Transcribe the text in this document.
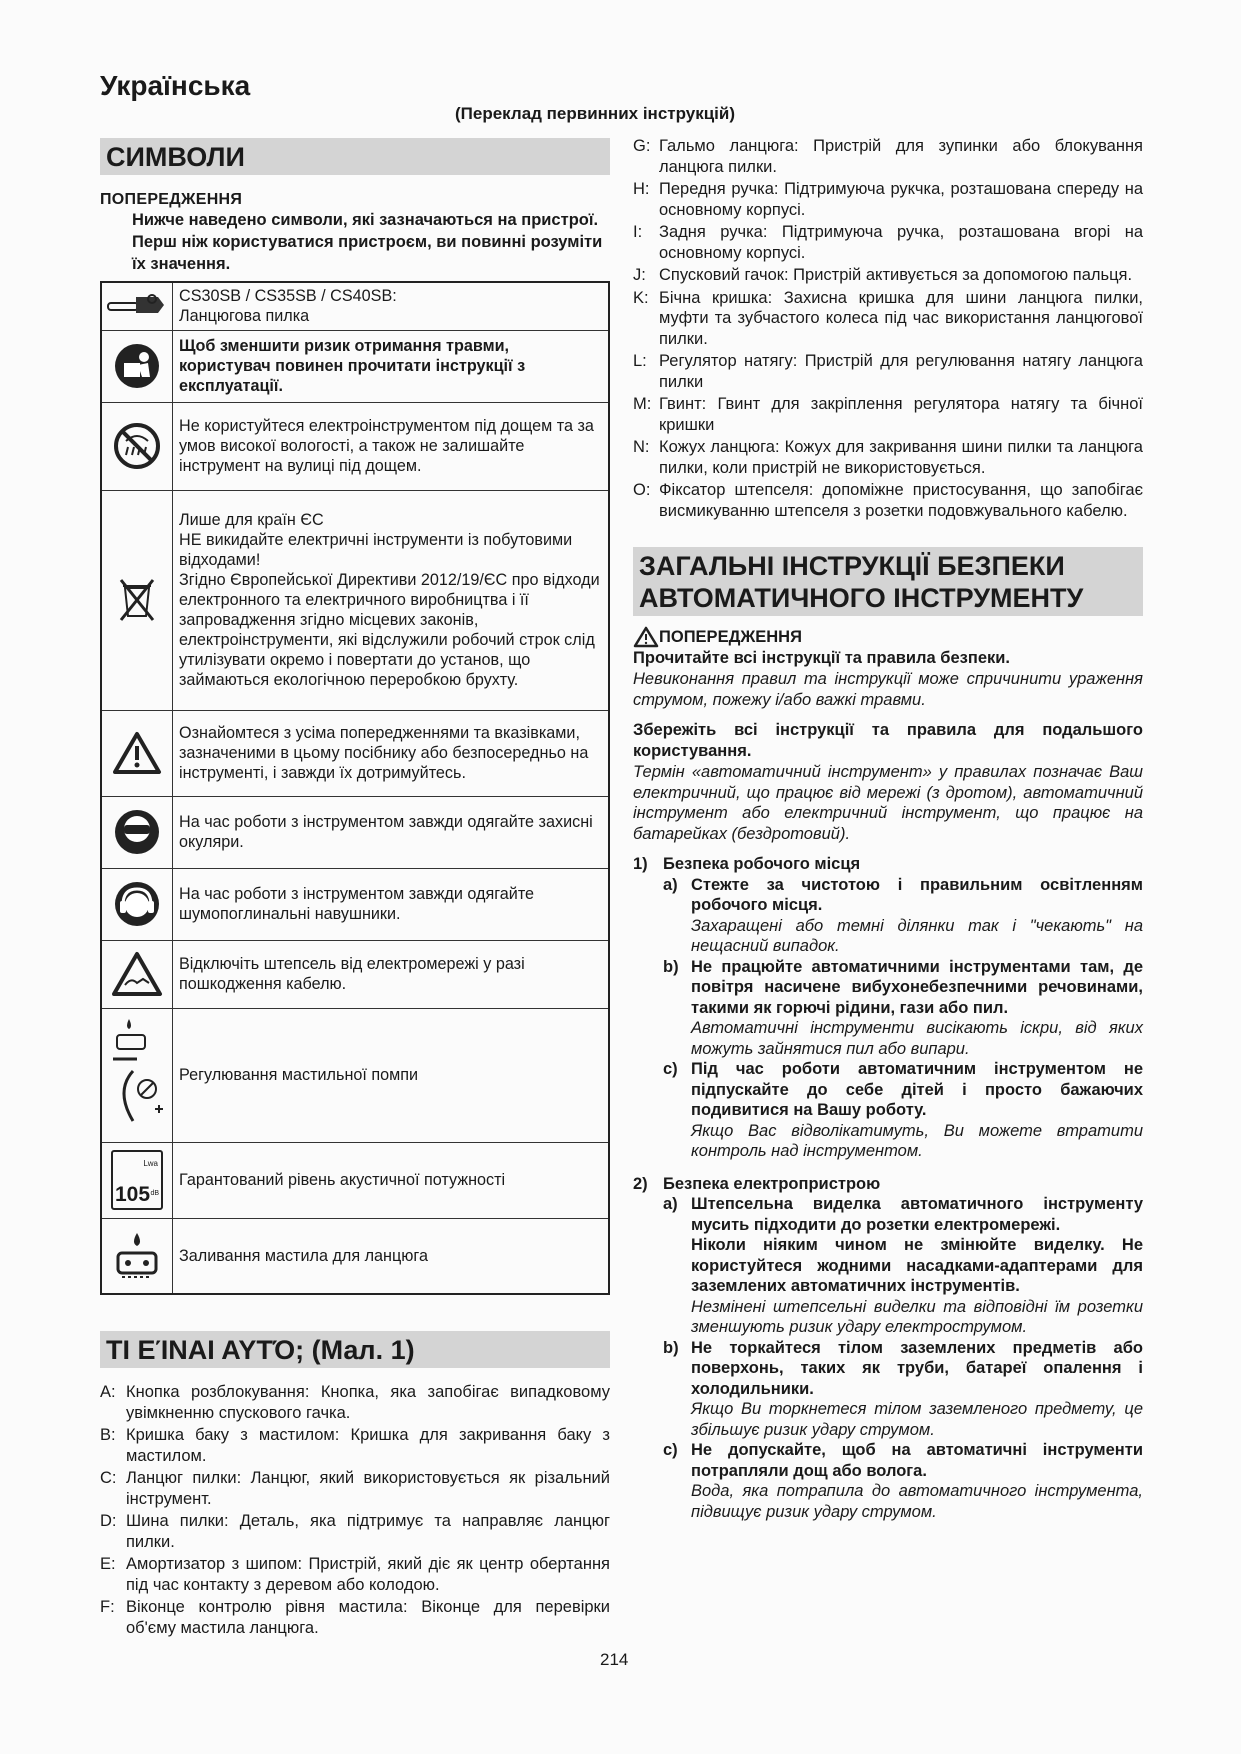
Українська
(Переклад первинних інструкцій)
СИМВОЛИ
ПОПЕРЕДЖЕННЯ
Нижче наведено символи, які зазначаються на пристрої. Перш ніж користуватися пристроєм, ви повинні розуміти їх значення.
	CS30SB / CS35SB / CS40SB:
Ланцюгова пилка

	Щоб зменшити ризик отримання травми, користувач повинен прочитати інструкції з експлуатації.

	Не користуйтеся електроінструментом під дощем та за умов високої вологості, а також не залишайте інструмент на вулиці під дощем.

	Лише для країн ЄС
НЕ викидайте електричні інструменти із побутовими відходами!
Згідно Європейської Директиви 2012/19/ЄС про відходи електронного та електричного виробництва і її запровадження згідно місцевих законів, електроінструменти, які відслужили робочий строк слід утилізувати окремо і повертати до установ, що займаються екологічною переробкою брухту.

	Ознайомтеся з усіма попередженнями та вказівками, зазначеними в цьому посібнику або безпосередньо на інструменті, і завжди їх дотримуйтесь.

	На час роботи з інструментом завжди одягайте захисні окуляри.

	На час роботи з інструментом завжди одягайте шумопоглинальні навушники.

	Відключіть штепсель від електромережі у разі пошкодження кабелю.

	Регулювання мастильної помпи

Lwa
105 dB	Гарантований рівень акустичної потужності

	Заливання мастила для ланцюга
ΤΙ ΕΊΝΑΙ ΑΥΤΌ; (Мал. 1)
A: Кнопка розблокування: Кнопка, яка запобігає випадковому увімкненню спускового гачка.
B: Кришка баку з мастилом: Кришка для закривання баку з мастилом.
C: Ланцюг пилки: Ланцюг, який використовується як різальний інструмент.
D: Шина пилки: Деталь, яка підтримує та направляє ланцюг пилки.
E: Амортизатор з шипом: Пристрій, який діє як центр обертання під час контакту з деревом або колодою.
F: Віконце контролю рівня мастила: Віконце для перевірки об'єму мастила ланцюга.
G: Гальмо ланцюга: Пристрій для зупинки або блокування ланцюга пилки.
H: Передня ручка: Підтримуюча рукчка, розташована спереду на основному корпусі.
I:	Задня ручка: Підтримуюча ручка, розташована вгорі на основному корпусі.
J: Спусковий гачок: Пристрій активується за допомогою пальця.
K: Бічна кришка: Захисна кришка для шини ланцюга пилки, муфти та зубчастого колеса під час використання ланцюгової пилки.
L: Регулятор натягу: Пристрій для регулювання натягу ланцюга пилки
M: Гвинт: Гвинт для закріплення регулятора натягу та бічної кришки
N: Кожух ланцюга: Кожух для закривання шини пилки та ланцюга пилки, коли пристрій не використовується.
O: Фіксатор штепселя: допоміжне пристосування, що запобігає висмикуванню штепселя з розетки подовжувального кабелю.
ЗАГАЛЬНІ ІНСТРУКЦІЇ БЕЗПЕКИ АВТОМАТИЧНОГО ІНСТРУМЕНТУ
ПОПЕРЕДЖЕННЯ
Прочитайте всі інструкції та правила безпеки.
Невиконання правил та інструкції може спричинити ураження струмом, пожежу і/або важкі травми.
Збережіть всі інструкції та правила для подальшого користування.
Термін «автоматичний інструмент» у правилах позначає Ваш електричний, що працює від мережі (з дротом), автоматичний інструмент або електричний інструмент, що працює на батарейках (бездротовий).
1) Безпека робочого місця
a) Стежте за чистотою і правильним освітленням робочого місця.
Захаращені або темні ділянки так і "чекають" на нещасний випадок.
b) Не працюйте автоматичними інструментами там, де повітря насичене вибухонебезпечними речовинами, такими як горючі рідини, гази або пил.
Автоматичні інструменти висікають іскри, від яких можуть зайнятися пил або випари.
c) Під час роботи автоматичним інструментом не підпускайте до себе дітей і просто бажаючих подивитися на Вашу роботу.
Якщо Вас відволікатимуть, Ви можете втратити контроль над інструментом.
2) Безпека електропристрою
a) Штепсельна виделка автоматичного інструменту мусить підходити до розетки електромережі.
Ніколи ніяким чином не змінюйте виделку. Не користуйтеся жодними насадками-адаптерами для заземлених автоматичних інструментів.
Незмінені штепсельні виделки та відповідні їм розетки зменшують ризик удару електрострумом.
b) Не торкайтеся тілом заземлених предметів або поверхонь, таких як труби, батареї опалення і холодильники.
Якщо Ви торкнетеся тілом заземленого предмету, це збільшує ризик удару струмом.
c) Не допускайте, щоб на автоматичні інструменти потрапляли дощ або волога.
Вода, яка потрапила до автоматичного інструмента, підвищує ризик удару струмом.
214
